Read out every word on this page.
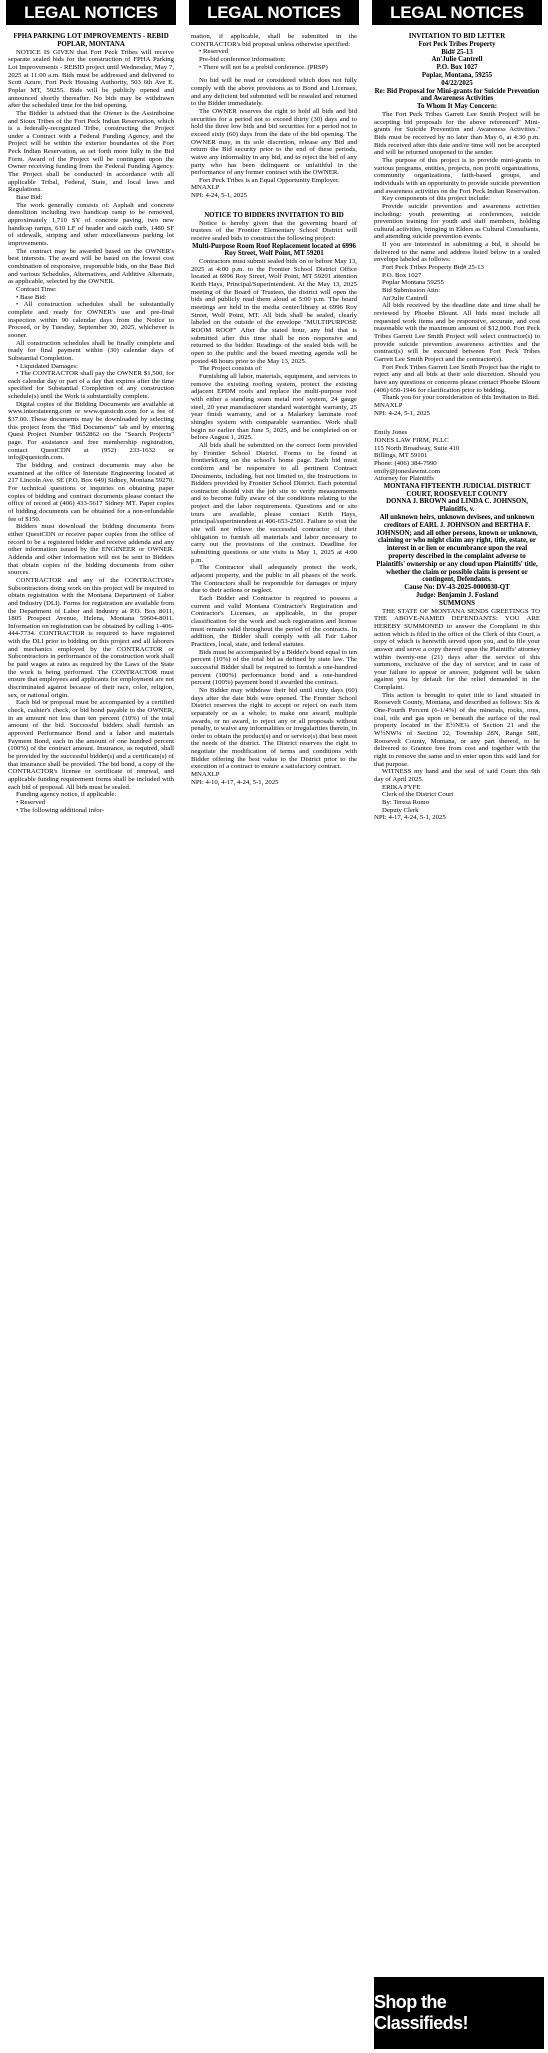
LEGAL NOTICES
FPHA PARKING LOT IMPROVEMENTS - REBID POPLAR, MONTANA

NOTICE IS GIVEN that Fort Peck Tribes will receive separate sealed bids for the construction of FPHA Parking Lot Improvements - REBID project until Wednesday, May 7, 2025 at 11:00 a.m. Bids must be addressed and delivered to Scott Azure, Fort Peck Housing Authority, 503 6th Ave E. Poplar MT, 59255. Bids will be publicly opened and announced shortly thereafter. No bids may be withdrawn after the scheduled time for the bid opening.

The Bidder is advised that the Owner is the Assiniboine and Sioux Tribes of the Fort Peck Indian Reservation, which is a federally-recognized Tribe, constructing the Project under a Contract with a Federal Funding Agency, and the Project will be within the exterior boundaries of the Fort Peck Indian Reservation, as set forth more fully in the Bid Form. Award of the Project will be contingent upon the Owner receiving funding from the Federal Funding Agency. The Project shall be conducted in accordance with all applicable Tribal, Federal, State, and local laws and Regulations.

Base Bid:

The work generally consists of: Asphalt and concrete demolition including two handicap ramp to be removed, approximately 1,710 SY of concrete paving, two new handicap ramps, 610 LF of header and catch curb, 1480 SF of sidewalk, striping and other miscellaneous parking lot improvements.

The contract may be awarded based on the OWNER's best interests. The award will be based on the lowest cost combination of responsive, responsible bids, on the Base Bid and various Schedules, Alternatives, and Additive Alternate, as applicable, selected by the OWNER.

Contract Time:

• Base Bid:

• All construction schedules shall be substantially complete and ready for OWNER's use and pre-final inspection within 90 calendar days from the Notice to Proceed, or by Tuesday, September 30, 2025, whichever is sooner.

All construction schedules shall be finally complete and ready for final payment within (30) calendar days of Substantial Completion.

• Liquidated Damages:

• The CONTRACTOR shall pay the OWNER $1,500, for each calendar day or part of a day that expires after the time specified for Substantial Completion of any construction schedule(s) until the Work is substantially complete.

Digital copies of the Bidding Documents are available at www.interstateeng.com or www.questcdn.com for a fee of $37.00. These documents may be downloaded by selecting this project from the "Bid Documents" tab and by entering Quest Project Number 9652862 on the "Search Projects" page. For assistance and free membership registration, contact QuestCDN at (952) 233-1632 or info@questcdn.com.

The bidding and contract documents may also be examined at the office of Interstate Engineering located at 217 Lincoln Ave. SE (P.O. Box 649) Sidney, Montana 59270. For technical questions or inquiries on obtaining paper copies of bidding and contract documents please contact the office of record at (406) 433-5617 Sidney MT. Paper copies of bidding documents can be obtained for a non-refundable fee of $150.

Bidders must download the bidding documents from either QuestCDN or receive paper copies from the office of record to be a registered bidder and receive addenda and any other information issued by the ENGINEER or OWNER. Addenda and other information will not be sent to Bidders that obtain copies of the bidding documents from other sources.

CONTRACTOR and any of the CONTRACTOR's Subcontractors doing work on this project will be required to obtain registration with the Montana Department of Labor and Industry (DLI). Forms for registration are available from the Department of Labor and Industry at P.O. Box 8011, 1805 Prospect Avenue, Helena, Montana 59604-8011. Information on registration can be obtained by calling 1-406-444-7734. CONTRACTOR is required to have registered with the DLI prior to bidding on this project and all laborers and mechanics employed by the CONTRACTOR or Subcontractors in performance of the construction work shall be paid wages at rates as required by the Laws of the State the work is being performed. The CONTRACTOR must ensure that employees and applicants for employment are not discriminated against because of their race, color, religion, sex, or national origin.

Each bid or proposal must be accompanied by a certified check, cashier's check, or bid bond payable to the OWNER, in an amount not less than ten percent (10%) of the total amount of the bid. Successful bidders shall furnish an approved Performance Bond and a labor and materials Payment Bond, each in the amount of one hundred percent (100%) of the contract amount. Insurance, as required, shall be provided by the successful bidder(s) and a certificate(s) of that insurance shall be provided. The bid bond, a copy of the CONTRACTOR's license or certificate of renewal, and applicable funding requirement forms shall be included with each bid of proposal. All bids must be sealed.

Funding agency notice, if applicable:

• Reserved

• The following additional infor-

LEGAL NOTICES

mation, if applicable, shall be submitted in the CONTRACTOR's bid proposal unless otherwise specified:

• Reserved

Pre-bid conference information:

• There will not be a prebid conference. (PRSP)

No bid will be read or considered which does not fully comply with the above provisions as to Bond and Licenses, and any deficient bid submitted will be resealed and returned to the Bidder immediately.

The OWNER reserves the right to hold all bids and bid securities for a period not to exceed thirty (30) days and to hold the three low bids and bid securities for a period not to exceed sixty (60) days from the date of the bid opening. The OWNER may, in its sole discretion, release any Bid and return the Bid security prior to the end of these periods, waive any informality in any bid, and to reject the bid of any party who has been delinquent or unfaithful in the performance of any former contract with the OWNER.

Fort Peck Tribes is an Equal Opportunity Employer.

MNAXLP

NPI: 4-24, 5-1, 2025

NOTICE TO BIDDERS INVITATION TO BID

Notice is hereby given that the governing board of trustees of the Frontier Elementary School District will receive sealed bids to construct the following project:

Multi-Purpose Room Roof Replacement located at 6996 Roy Street, Wolf Point, MT 59201

Contractors must submit sealed bids on or before May 13, 2025 at 4:00 p.m. to the Frontier School District Office located at 6996 Roy Street, Wolf Point, MT 59201 attention Keith Hays, Principal/Superintendent. At the May 13, 2025 meeting of the Board of Trustees, the district will open the bids and publicly read them aloud at 5:00 p.m. The board meetings are held in the media center/library at 6996 Roy Street, Wolf Point, MT. All bids shall be sealed, clearly labeled on the outside of the envelope "MULTIPURPOSE ROOM ROOF" After the stated hour, any bid that is submitted after this time shall be non responsive and returned to the bidder. Readings of the sealed bids will be open to the public and the board meeting agenda will be posted 48 hours prior to the May 13, 2025.

The Project consists of:

Furnishing all labor, materials, equipment, and services to remove the existing roofing system, protect the existing adjacent EPDM roofs and replace the multi-purpose roof with either a standing seam metal roof system, 24 gauge steel, 20 year manufacturer standard watertight warranty, 25 year finish warranty, and or a Malarkey laminate roof shingles system with comparable warranties. Work shall begin no earlier than June 5, 2025, and be completed on or before August 1, 2025.

All bids shall be submitted on the correct form provided by Frontier School District. Forms to be found at frontierk8.org on the school's home page. Each bid must conform and be responsive to all pertinent Contract Documents, including, but not limited to, the Instructions to Bidders provided by Frontier School District. Each potential contractor should visit the job site to verify measurements and to become fully aware of the conditions relating to the project and the labor requirements. Questions and or site tours are available, please contact Keith Hays, principal/superintendent at 406-653-2501. Failure to visit the site will not relieve the successful contractor of their obligation to furnish all materials and labor necessary to carry out the provisions of the contract. Deadline for submitting questions or site visits is May 1, 2025 at 4:00 p.m.

The Contractor shall adequately protect the work, adjacent property, and the public in all phases of the work. The Contractors shall be responsible for damages or injury due to their actions or neglect.

Each Bidder and Contractor is required to possess a current and valid Montana Contractor's Registration and Contractor's Licenses, as applicable, in the proper classification for the work and such registration and license must remain valid throughout the period of the contracts. In addition, the Bidder shall comply with all Fair Labor Practices, local, state, and federal statutes.

Bids must be accompanied by a Bidder's bond equal to ten percent (10%) of the total bid as defined by state law. The successful Bidder shall be required to furnish a one-hundred percent (100%) performance bond and a one-hundred percent (100%) payment bond if awarded the contract.

No Bidder may withdraw their bid until sixty days (60) days after the date bids were opened. The Frontier School District reserves the right to accept or reject on each item separately or as a whole; to make one award, multiple awards, or no award, to reject any or all proposals without penalty, to waive any informalities or irregularities therein, in order to obtain the product(s) and or service(s) that best meet the needs of the district. The District reserves the right to negotiate the modification of terms and conditions with Bidder offering the best value to the District prior to the execution of a contract to ensure a satisfactory contract.

MNAXLP

NPI: 4-10, 4-17, 4-24, 5-1, 2025

LEGAL NOTICES
INVITATION TO BID LETTER
Fort Peck Tribes Property
Bid# 25-13
An'Julie Cantrell
P.O. Box 1027
Poplar, Montana, 59255
04/22/2025
Re: Bid Proposal for Mini-grants for Suicide Prevention and Awareness Activities
To Whom It May Concern:

The Fort Peck Tribes Garrett Lee Smith Project will be accepting bid proposals for the above referenced" Mini-grants for Suicide Prevention and Awareness Activities." Bids must be received by no later than May 6, at 4:30 p.m. Bids received after this date and/or time will not be accepted and will be returned unopened to the sender.

The purpose of this project is to provide mini-grants to various programs, entities, projects, non profit organizations, community organizations, faith-based groups, and individuals with an opportunity to provide suicide prevention and awareness activities on the Fort Peck Indian Reservation.

Key components of this project include:

Provide suicide prevention and awareness activities including: youth presenting at conferences, suicide prevention training for youth and staff members, holding cultural activities, bringing in Elders as Cultural Consultants, and attending suicide prevention events.

If you are interested in submitting a bid, it should be delivered to the name and address listed below in a sealed envelope labeled as follows:

Fort Peck Tribes Property Bid# 25-13

P.O. Box 1027

Poplar Montana 59255

Bid Submission Attn:

An'Julie Cantrell

All bids received by the deadline date and time shall be reviewed by Phoebe Blount. All bids must include all requested work items and be responsive, accurate, and cost reasonable with the maximum amount of $12,000. Fort Peck Tribes Garrett Lee Smith Project will select contractor(s) to provide suicide prevention awareness activities and the contract(s) will be executed between Fort Peck Tribes Garrett Lee Smith Project and the contractor(s).

Fort Peck Tribes Garrett Lee Smith Project has the right to reject any and all bids at their sole discretion. Should you have any questions or concerns please contact Phoebe Blount (406) 650-1946 for clarification prior to bidding.

Thank you for your consideration of this Invitation to Bid.

MNAXLP

NPI: 4-24, 5-1, 2025

Emily Jones

JONES LAW FIRM, PLLC

115 North Broadway, Suite 410

Billings, MT 59101

Phone: (406) 384-7990

emily@joneslawmt.com

Attorney for Plaintiffs

MONTANA FIFTEENTH JUDICIAL DISTRICT COURT, ROOSEVELT COUNTY
DONNA J. BROWN and LINDA C. JOHNSON, Plaintiffs, v.
All unknown heirs, unknown devisees, and unknown creditors of EARL J. JOHNSON and BERTHA F. JOHNSON; and all other persons, known or unknown, claiming or who might claim any right, title, estate, or interest in or lien or encumbrance upon the real property described in the complaint adverse to Plaintiffs' ownership or any cloud upon Plaintiffs' title, whether the claim or possible claim is present or contingent, Defendants.
Cause No: DV-43-2025-0000030-QT
Judge: Benjamin J. Fosland
SUMMONS

THE STATE OF MONTANA SENDS GREETINGS TO THE ABOVE-NAMED DEFENDANTS: YOU ARE HEREBY SUMMONED to answer the Complaint in this action which is filed in the office of the Clerk of this Court, a copy of which is herewith served upon you, and to file your answer and serve a copy thereof upon the Plaintiffs' attorney within twenty-one (21) days after the service of this summons, exclusive of the day of service; and in case of your failure to appear or answer, judgment will be taken against you by default for the relief demanded in the Complaint.

This action is brought to quiet title to land situated in Roosevelt County, Montana, and described as follows: Six & One-Fourth Percent (6-1/4%) of the minerals, rocks, ores, coal, oils and gas upon or beneath the surface of the real property located in the E½NE¼ of Section 21 and the W½NW¼ of Section 22, Township 28N, Range 58E, Roosevelt County, Montana, or any part thereof, to be delivered to Grantee free from cost and together with the right to remove the same and to enter upon this said land for that purpose.

WITNESS my hand and the seal of said Court this 9th day of April 2025.

ERIKA FYFE

Clerk of the District Court

By: Teresa Romo

Deputy Clerk

NPI: 4-17, 4-24, 5-1, 2025

Shop the Classifieds!
